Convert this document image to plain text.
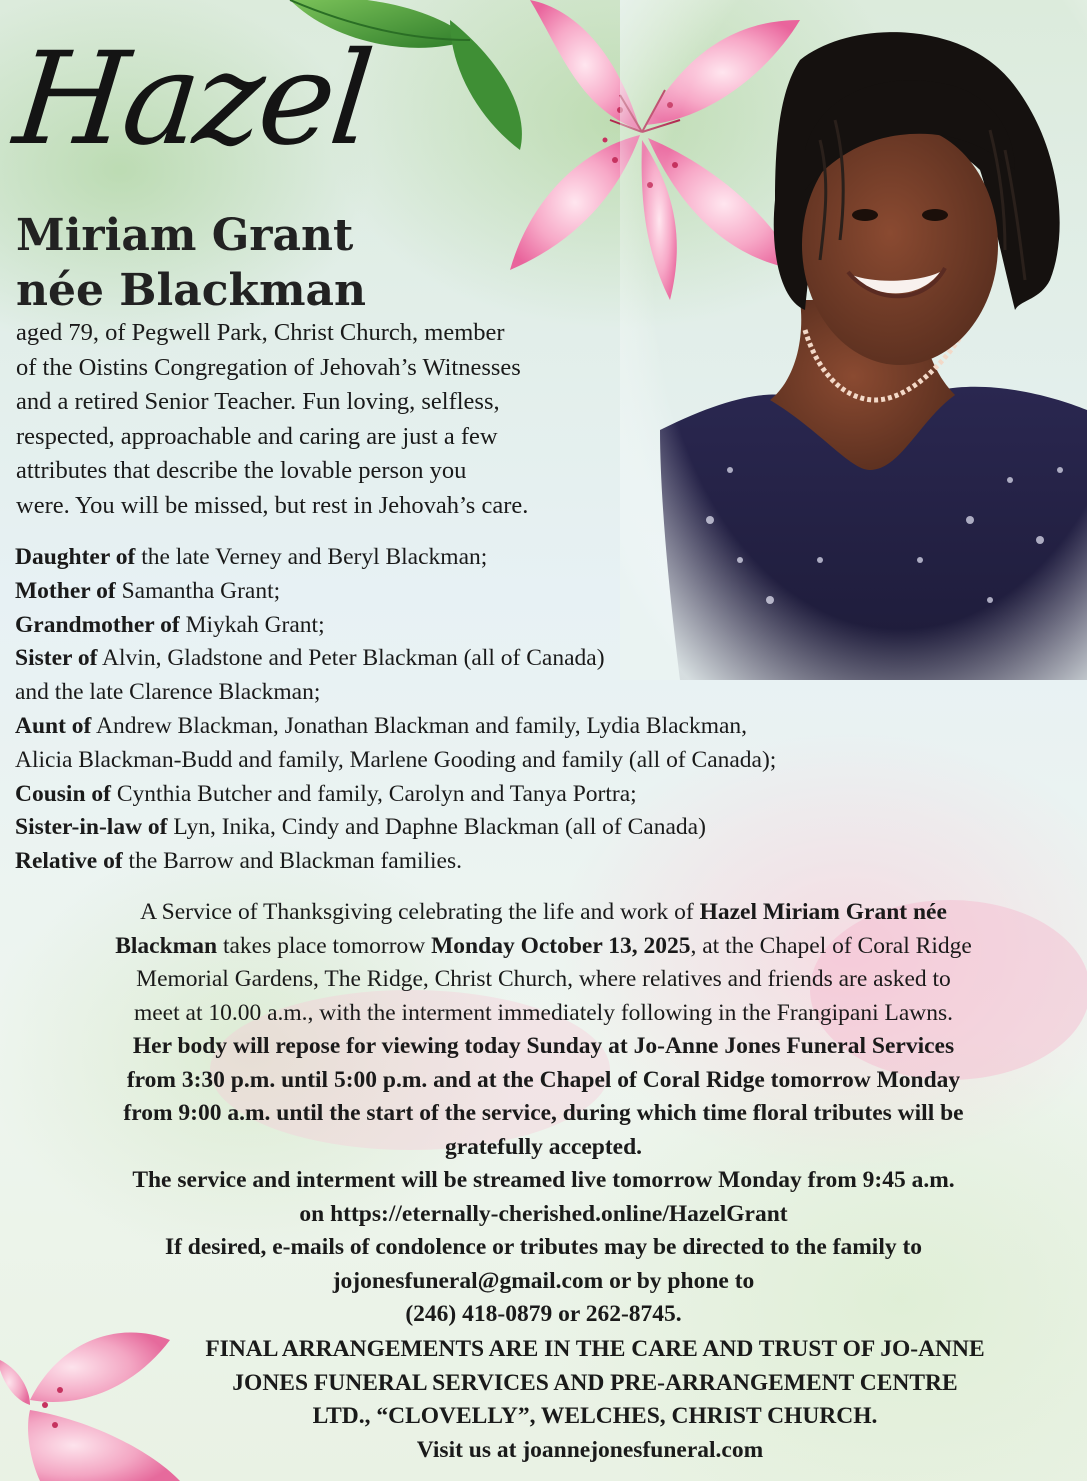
Hazel
Miriam Grant
née Blackman
aged 79, of Pegwell Park, Christ Church, member
of the Oistins Congregation of Jehovah’s Witnesses
and a retired Senior Teacher. Fun loving, selfless,
respected, approachable and caring are just a few
attributes that describe the lovable person you
were. You will be missed, but rest in Jehovah’s care.
Daughter of the late Verney and Beryl Blackman;
Mother of Samantha Grant;
Grandmother of Miykah Grant;
Sister of Alvin, Gladstone and Peter Blackman (all of Canada)
and the late Clarence Blackman;
Aunt of Andrew Blackman, Jonathan Blackman and family, Lydia Blackman,
Alicia Blackman-Budd and family, Marlene Gooding and family (all of Canada);
Cousin of Cynthia Butcher and family, Carolyn and Tanya Portra;
Sister-in-law of Lyn, Inika, Cindy and Daphne Blackman (all of Canada)
Relative of the Barrow and Blackman families.
A Service of Thanksgiving celebrating the life and work of Hazel Miriam Grant née
Blackman takes place tomorrow Monday October 13, 2025, at the Chapel of Coral Ridge
Memorial Gardens, The Ridge, Christ Church, where relatives and friends are asked to
meet at 10.00 a.m., with the interment immediately following in the Frangipani Lawns.
Her body will repose for viewing today Sunday at Jo-Anne Jones Funeral Services
from 3:30 p.m. until 5:00 p.m. and at the Chapel of Coral Ridge tomorrow Monday
from 9:00 a.m. until the start of the service, during which time floral tributes will be
gratefully accepted.
The service and interment will be streamed live tomorrow Monday from 9:45 a.m.
on https://eternally-cherished.online/HazelGrant
If desired, e-mails of condolence or tributes may be directed to the family to
jojonesfuneral@gmail.com or by phone to
(246) 418-0879 or 262-8745.
FINAL ARRANGEMENTS ARE IN THE CARE AND TRUST OF JO-ANNE
JONES FUNERAL SERVICES AND PRE-ARRANGEMENT CENTRE
LTD., “CLOVELLY”, WELCHES, CHRIST CHURCH.
Visit us at joannejonesfuneral.com
